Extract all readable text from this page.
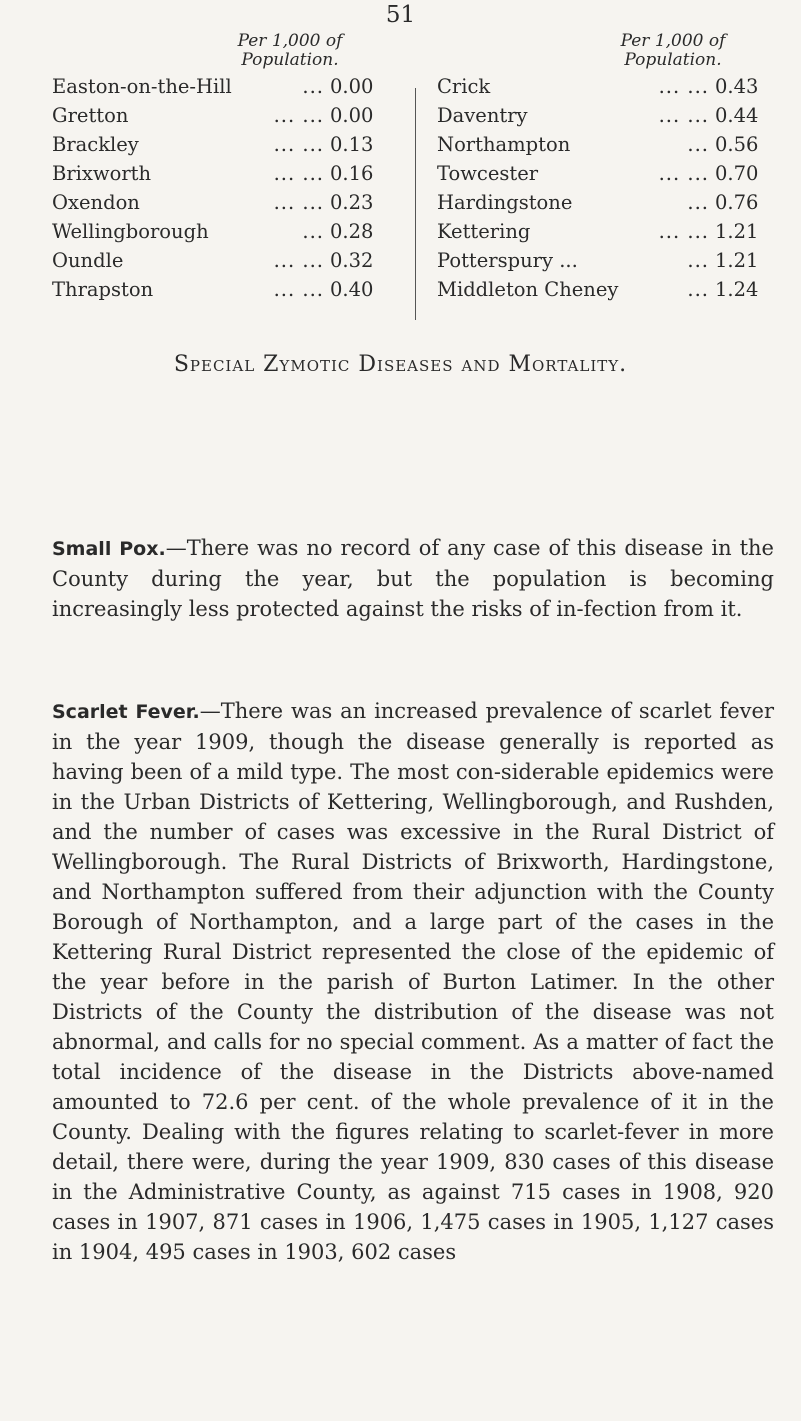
51
Per 1,000 of
Population.
Per 1,000 of
Population.
Easton-on-the-Hill	... 0.00
Gretton	... ... 0.00
Brackley	... ... 0.13
Brixworth	... ... 0.16
Oxendon	... ... 0.23
Wellingborough	... 0.28
Oundle	... ... 0.32
Thrapston	... ... 0.40
Crick	... ... 0.43
Daventry	... ... 0.44
Northampton	... 0.56
Towcester	... ... 0.70
Hardingstone	... 0.76
Kettering	... ... 1.21
Potterspury ...	... 1.21
Middleton Cheney	... 1.24
Special Zymotic Diseases and Mortality.

Small Pox.—There was no record of any case of this disease in the County during the year, but the population is becoming increasingly less protected against the risks of in-fection from it.

Scarlet Fever.—There was an increased prevalence of scarlet fever in the year 1909, though the disease generally is reported as having been of a mild type. The most con-siderable epidemics were in the Urban Districts of Kettering, Wellingborough, and Rushden, and the number of cases was excessive in the Rural District of Wellingborough. The Rural Districts of Brixworth, Hardingstone, and Northampton suffered from their adjunction with the County Borough of Northampton, and a large part of the cases in the Kettering Rural District represented the close of the epidemic of the year before in the parish of Burton Latimer. In the other Districts of the County the distribution of the disease was not abnormal, and calls for no special comment. As a matter of fact the total incidence of the disease in the Districts above-named amounted to 72.6 per cent. of the whole prevalence of it in the County. Dealing with the figures relating to scarlet-fever in more detail, there were, during the year 1909, 830 cases of this disease in the Administrative County, as against 715 cases in 1908, 920 cases in 1907, 871 cases in 1906, 1,475 cases in 1905, 1,127 cases in 1904, 495 cases in 1903, 602 cases
